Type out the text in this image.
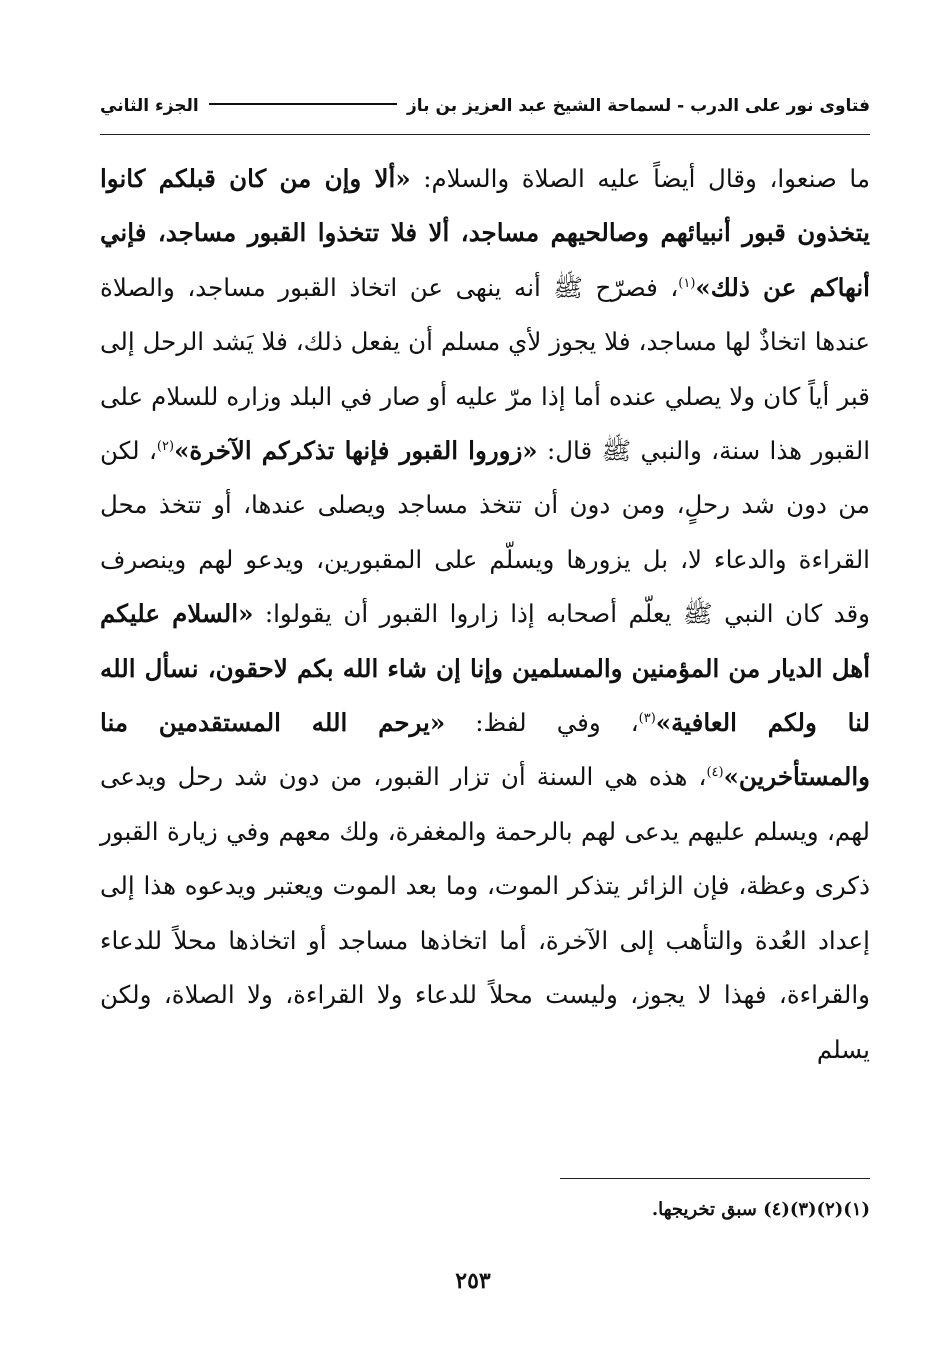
فتاوى نور على الدرب - لسماحة الشيخ عبد العزيز بن باز
الجزء الثاني

ما صنعوا، وقال أيضاً عليه الصلاة والسلام: «ألا وإن من كان قبلكم كانوا يتخذون قبور أنبيائهم وصالحيهم مساجد، ألا فلا تتخذوا القبور مساجد، فإني أنهاكم عن ذلك»$^{(١)}$، فصرّح ﷺ أنه ينهى عن اتخاذ القبور مساجد، والصلاة عندها اتخاذٌ لها مساجد، فلا يجوز لأي مسلم أن يفعل ذلك، فلا يَشد الرحل إلى قبر أياً كان ولا يصلي عنده أما إذا مرّ عليه أو صار في البلد وزاره للسلام على القبور هذا سنة، والنبي ﷺ قال: «زوروا القبور فإنها تذكركم الآخرة»$^{(٢)}$، لكن من دون شد رحلٍ، ومن دون أن تتخذ مساجد ويصلى عندها، أو تتخذ محل القراءة والدعاء لا، بل يزورها ويسلّم على المقبورين، ويدعو لهم وينصرف وقد كان النبي ﷺ يعلّم أصحابه إذا زاروا القبور أن يقولوا: «السلام عليكم أهل الديار من المؤمنين والمسلمين وإنا إن شاء الله بكم لاحقون، نسأل الله لنا ولكم العافية»$^{(٣)}$، وفي لفظ: «يرحم الله المستقدمين منا والمستأخرين»$^{(٤)}$، هذه هي السنة أن تزار القبور، من دون شد رحل ويدعى لهم، ويسلم عليهم يدعى لهم بالرحمة والمغفرة، ولك معهم وفي زيارة القبور ذكرى وعظة، فإن الزائر يتذكر الموت، وما بعد الموت ويعتبر ويدعوه هذا إلى إعداد العُدة والتأهب إلى الآخرة، أما اتخاذها مساجد أو اتخاذها محلاً للدعاء والقراءة، فهذا لا يجوز، وليست محلاً للدعاء ولا القراءة، ولا الصلاة، ولكن يسلم

(١)(٢)(٣)(٤) سبق تخريجها.
٢٥٣
